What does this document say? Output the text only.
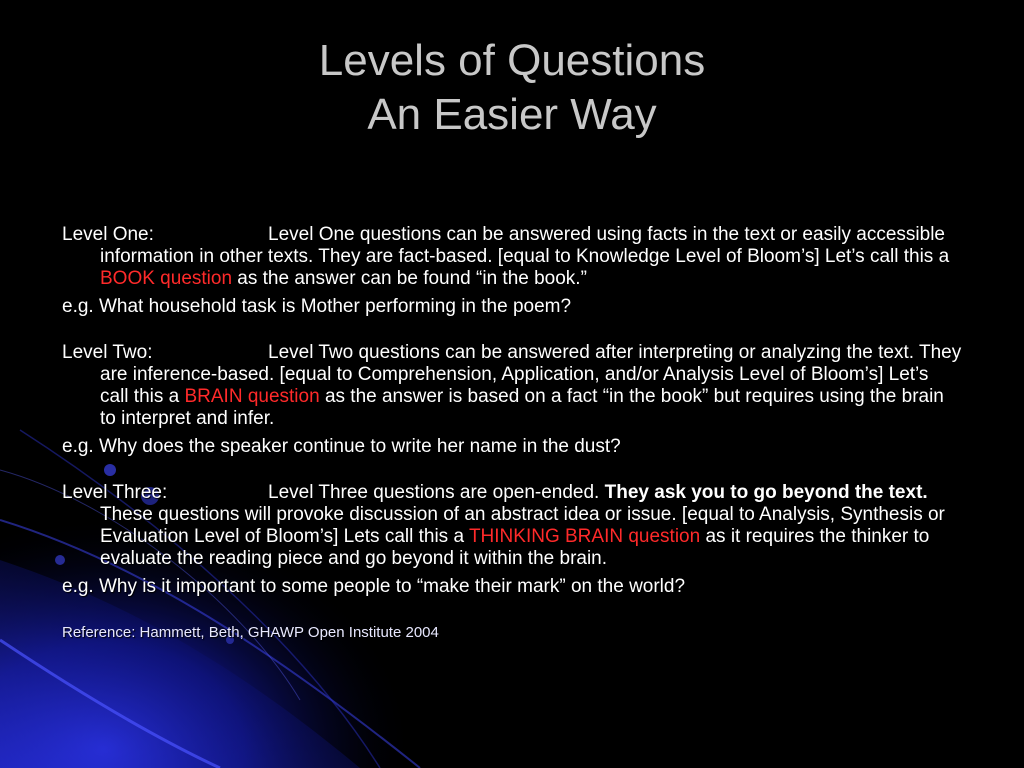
Levels of Questions
An Easier Way

Level One:	Level One questions can be answered using facts in the text or easily accessible information in other texts. They are fact-based. [equal to Knowledge Level of Bloom’s] Let’s call this a BOOK question as the answer can be found “in the book.”

e.g. What household task is Mother performing in the poem?

Level Two:	Level Two questions can be answered after interpreting or analyzing the text. They are inference-based. [equal to Comprehension, Application, and/or Analysis Level of Bloom’s] Let’s call this a BRAIN question as the answer is based on a fact “in the book” but requires using the brain to interpret and infer.

e.g. Why does the speaker continue to write her name in the dust?

Level Three:	Level Three questions are open-ended. They ask you to go beyond the text. These questions will provoke discussion of an abstract idea or issue. [equal to Analysis, Synthesis or Evaluation Level of Bloom’s] Lets call this a THINKING BRAIN question as it requires the thinker to evaluate the reading piece and go beyond it within the brain.

e.g. Why is it important to some people to “make their mark” on the world?

Reference: Hammett, Beth, GHAWP Open Institute 2004
